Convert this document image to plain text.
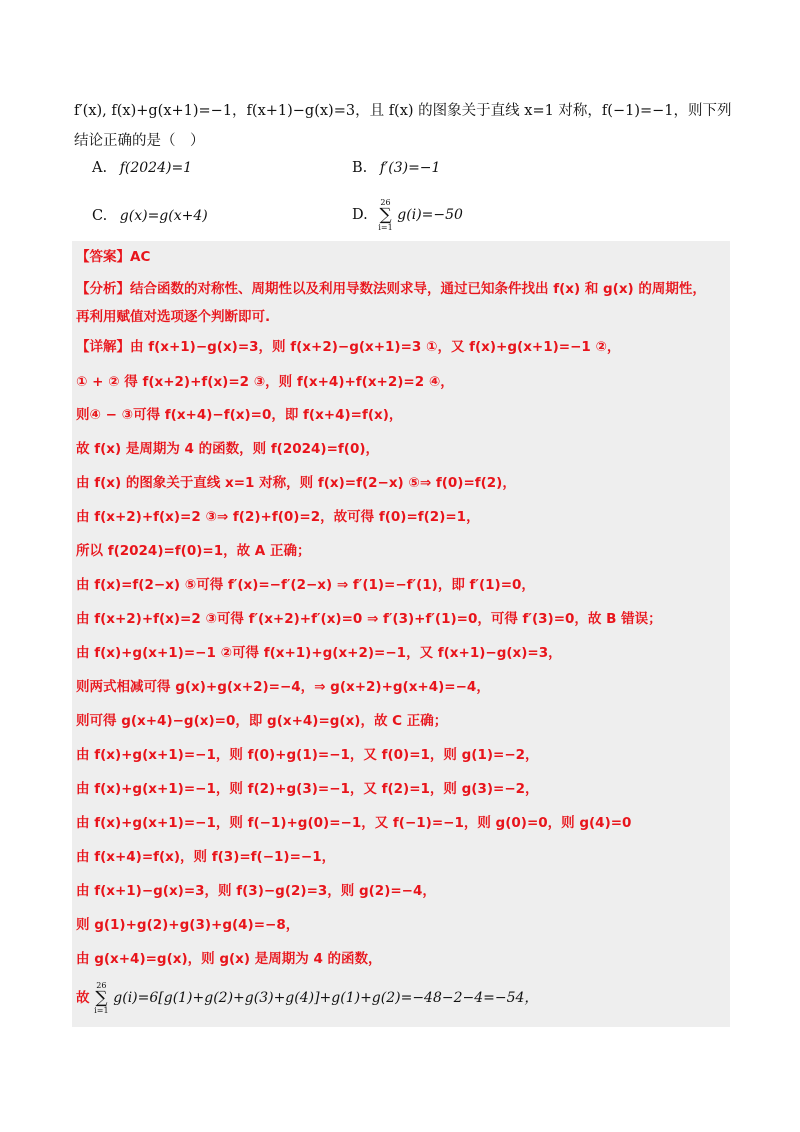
f′(x), f(x)+g(x+1)=−1，f(x+1)−g(x)=3，且 f(x) 的图象关于直线 x=1 对称，f(−1)=−1，则下列

结论正确的是（　）

A. f(2024)=1	B. f′(3)=−1
C. g(x)=g(x+4)	D.
26
∑
i=1
g(i)=−50

【答案】AC

【分析】结合函数的对称性、周期性以及利用导数法则求导，通过已知条件找出 f(x) 和 g(x) 的周期性，

再利用赋值对选项逐个判断即可.

【详解】由 f(x+1)−g(x)=3，则 f(x+2)−g(x+1)=3 ①，又 f(x)+g(x+1)=−1 ②，

① + ② 得 f(x+2)+f(x)=2 ③，则 f(x+4)+f(x+2)=2 ④，

则④ − ③可得 f(x+4)−f(x)=0，即 f(x+4)=f(x)，

故 f(x) 是周期为 4 的函数，则 f(2024)=f(0)，

由 f(x) 的图象关于直线 x=1 对称，则 f(x)=f(2−x) ⑤⇒ f(0)=f(2)，

由 f(x+2)+f(x)=2 ③⇒ f(2)+f(0)=2，故可得 f(0)=f(2)=1，

所以 f(2024)=f(0)=1，故 A 正确；

由 f(x)=f(2−x) ⑤可得 f′(x)=−f′(2−x) ⇒ f′(1)=−f′(1)，即 f′(1)=0，

由 f(x+2)+f(x)=2 ③可得 f′(x+2)+f′(x)=0 ⇒ f′(3)+f′(1)=0，可得 f′(3)=0，故 B 错误；

由 f(x)+g(x+1)=−1 ②可得 f(x+1)+g(x+2)=−1，又 f(x+1)−g(x)=3，

则两式相减可得 g(x)+g(x+2)=−4，⇒ g(x+2)+g(x+4)=−4，

则可得 g(x+4)−g(x)=0，即 g(x+4)=g(x)，故 C 正确；

由 f(x)+g(x+1)=−1，则 f(0)+g(1)=−1，又 f(0)=1，则 g(1)=−2，

由 f(x)+g(x+1)=−1，则 f(2)+g(3)=−1，又 f(2)=1，则 g(3)=−2，

由 f(x)+g(x+1)=−1，则 f(−1)+g(0)=−1，又 f(−1)=−1，则 g(0)=0，则 g(4)=0

由 f(x+4)=f(x)，则 f(3)=f(−1)=−1，

由 f(x+1)−g(x)=3，则 f(3)−g(2)=3，则 g(2)=−4，

则 g(1)+g(2)+g(3)+g(4)=−8，

由 g(x+4)=g(x)，则 g(x) 是周期为 4 的函数，

故
26
∑
i=1
g(i)=6[g(1)+g(2)+g(3)+g(4)]+g(1)+g(2)=−48−2−4=−54，
